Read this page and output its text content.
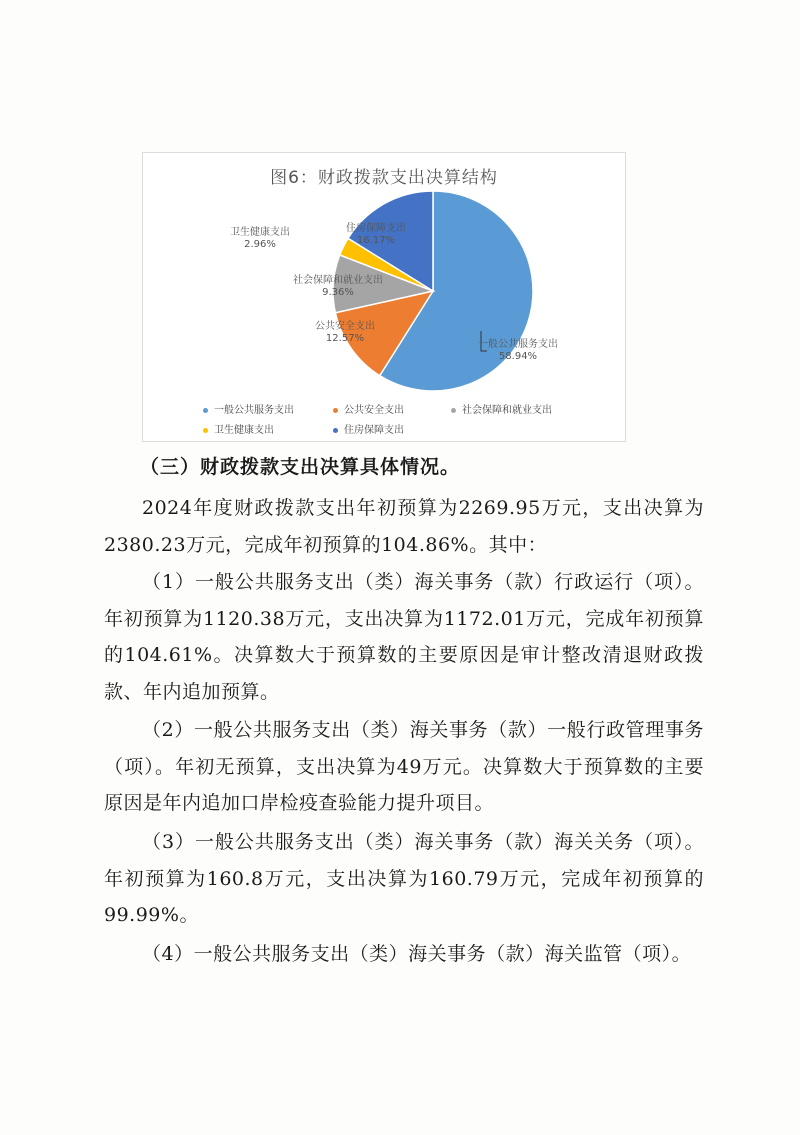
图6：财政拨款支出决算结构
一般公共服务支出
58.94%
公共安全支出
12.57%
社会保障和就业支出
9.36%
卫生健康支出
2.96%
住房保障支出
16.17%
一般公共服务支出	公共安全支出	社会保障和就业支出
卫生健康支出	住房保障支出
（三）财政拨款支出决算具体情况。
2024年度财政拨款支出年初预算为2269.95万元，支出决算为2380.23万元，完成年初预算的104.86%。其中：
（1）一般公共服务支出（类）海关事务（款）行政运行（项）。年初预算为1120.38万元，支出决算为1172.01万元，完成年初预算的104.61%。决算数大于预算数的主要原因是审计整改清退财政拨款、年内追加预算。
（2）一般公共服务支出（类）海关事务（款）一般行政管理事务（项）。年初无预算，支出决算为49万元。决算数大于预算数的主要原因是年内追加口岸检疫查验能力提升项目。
（3）一般公共服务支出（类）海关事务（款）海关关务（项）。年初预算为160.8万元，支出决算为160.79万元，完成年初预算的99.99%。
（4）一般公共服务支出（类）海关事务（款）海关监管（项）。
